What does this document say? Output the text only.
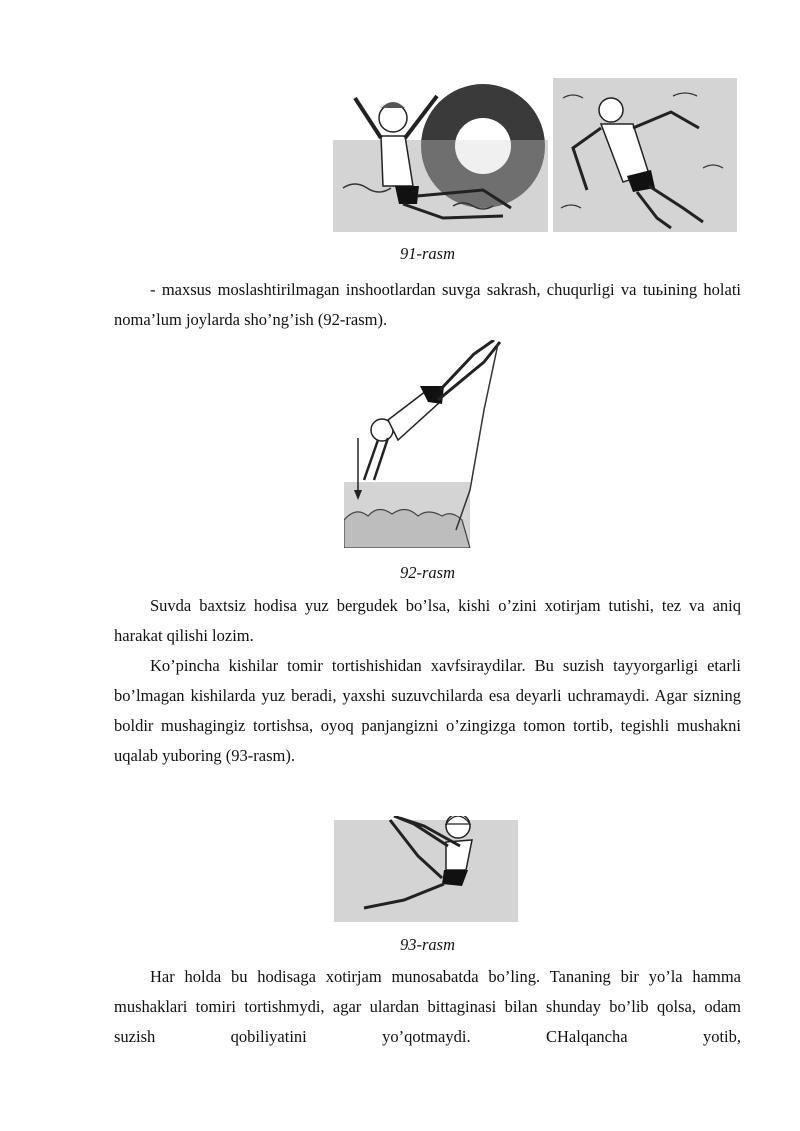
91-rasm

- maxsus moslashtirilmagan inshootlardan suvga sakrash, chuqurligi va tuьining holati noma’lum joylarda sho’ng’ish (92-rasm).

92-rasm

Suvda baxtsiz hodisa yuz bergudek bo’lsa, kishi o’zini xotirjam tutishi, tez va aniq harakat qilishi lozim.

Ko’pincha kishilar tomir tortishishidan xavfsiraydilar. Bu suzish tayyorgarligi etarli bo’lmagan kishilarda yuz beradi, yaxshi suzuvchilarda esa deyarli uchramaydi. Agar sizning boldir mushagingiz tortishsa, oyoq panjangizni o’zingizga tomon tortib, tegishli mushakni uqalab yuboring (93-rasm).

93-rasm

Har holda bu hodisaga xotirjam munosabatda bo’ling. Tananing bir yo’la hamma mushaklari tomiri tortishmydi, agar ulardan bittaginasi bilan shunday bo’lib qolsa, odam suzish qobiliyatini yo’qotmaydi. CHalqancha yotib,
